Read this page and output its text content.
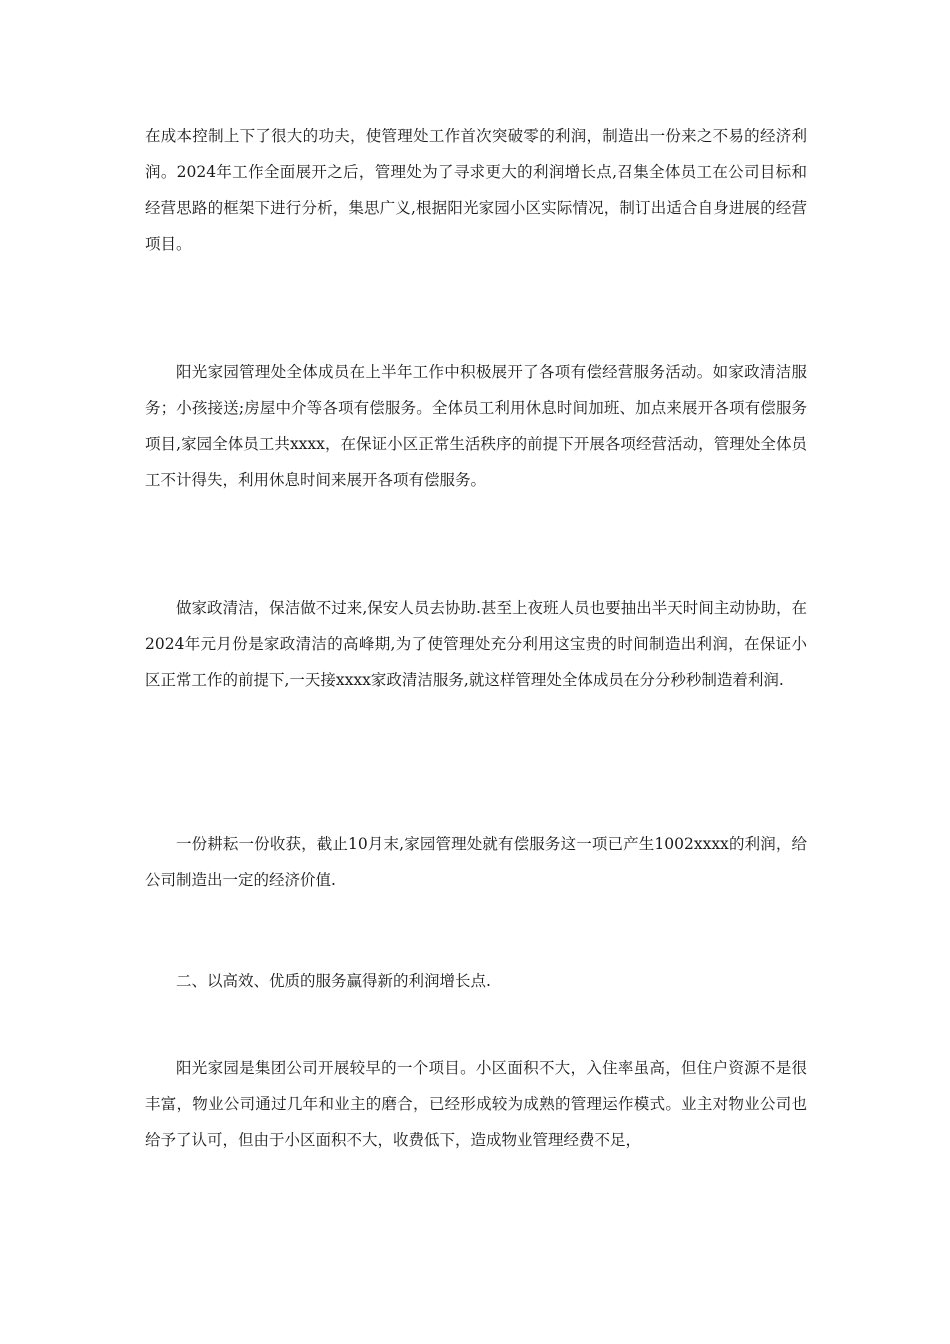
在成本控制上下了很大的功夫，使管理处工作首次突破零的利润，制造出一份来之不易的经济利润。2024年工作全面展开之后，管理处为了寻求更大的利润增长点,召集全体员工在公司目标和经营思路的框架下进行分析，集思广义,根据阳光家园小区实际情况，制订出适合自身进展的经营项目。

阳光家园管理处全体成员在上半年工作中积极展开了各项有偿经营服务活动。如家政清洁服务；小孩接送;房屋中介等各项有偿服务。全体员工利用休息时间加班、加点来展开各项有偿服务项目,家园全体员工共xxxx，在保证小区正常生活秩序的前提下开展各项经营活动，管理处全体员工不计得失，利用休息时间来展开各项有偿服务。

做家政清洁，保洁做不过来,保安人员去协助.甚至上夜班人员也要抽出半天时间主动协助，在2024年元月份是家政清洁的高峰期,为了使管理处充分利用这宝贵的时间制造出利润，在保证小区正常工作的前提下,一天接xxxx家政清洁服务,就这样管理处全体成员在分分秒秒制造着利润.

一份耕耘一份收获，截止10月末,家园管理处就有偿服务这一项已产生1002xxxx的利润，给公司制造出一定的经济价值.

二、以高效、优质的服务赢得新的利润增长点.

阳光家园是集团公司开展较早的一个项目。小区面积不大，入住率虽高，但住户资源不是很丰富，物业公司通过几年和业主的磨合，已经形成较为成熟的管理运作模式。业主对物业公司也给予了认可，但由于小区面积不大，收费低下，造成物业管理经费不足，
